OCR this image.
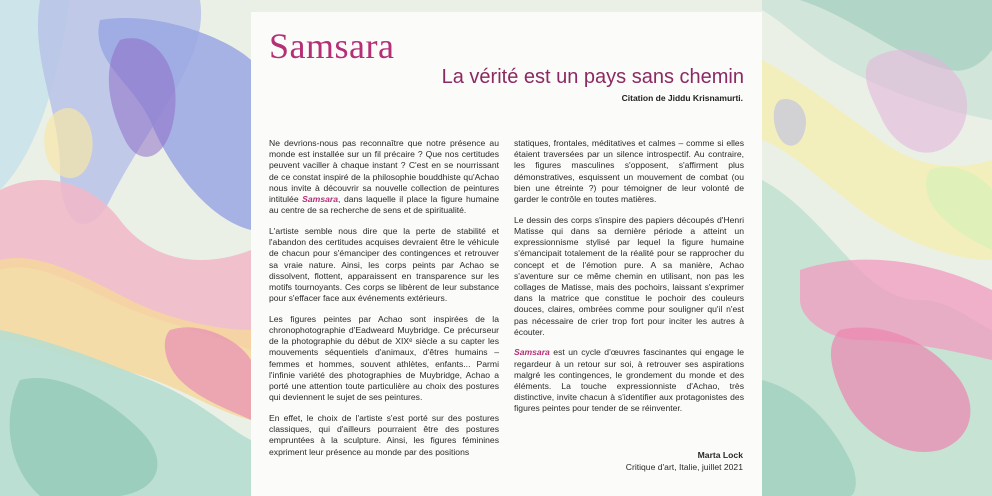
Samsara
La vérité est un pays sans chemin
Citation de Jiddu Krisnamurti.

Ne devrions-nous pas reconnaître que notre présence au monde est installée sur un fil précaire ? Que nos certitudes peuvent vaciller à chaque instant ? C'est en se nourrissant de ce constat inspiré de la philosophie bouddhiste qu'Achao nous invite à découvrir sa nouvelle collection de peintures intitulée Samsara, dans laquelle il place la figure humaine au centre de sa recherche de sens et de spiritualité.

L'artiste semble nous dire que la perte de stabilité et l'abandon des certitudes acquises devraient être le véhicule de chacun pour s'émanciper des contingences et retrouver sa vraie nature. Ainsi, les corps peints par Achao se dissolvent, flottent, apparaissent en transparence sur les motifs tournoyants. Ces corps se libèrent de leur substance pour s'effacer face aux événements extérieurs.

Les figures peintes par Achao sont inspirées de la chronophotographie d'Eadweard Muybridge. Ce précurseur de la photographie du début de XIXᵉ siècle a su capter les mouvements séquentiels d'animaux, d'êtres humains – femmes et hommes, souvent athlètes, enfants... Parmi l'infinie variété des photographies de Muybridge, Achao a porté une attention toute particulière au choix des postures qui deviennent le sujet de ses peintures.

En effet, le choix de l'artiste s'est porté sur des postures classiques, qui d'ailleurs pourraient être des postures empruntées à la sculpture. Ainsi, les figures féminines expriment leur présence au monde par des positions

statiques, frontales, méditatives et calmes – comme si elles étaient traversées par un silence introspectif. Au contraire, les figures masculines s'opposent, s'affirment plus démonstratives, esquissent un mouvement de combat (ou bien une étreinte ?) pour témoigner de leur volonté de garder le contrôle en toutes matières.

Le dessin des corps s'inspire des papiers découpés d'Henri Matisse qui dans sa dernière période a atteint un expressionnisme stylisé par lequel la figure humaine s'émancipait totalement de la réalité pour se rapprocher du concept et de l'émotion pure. A sa manière, Achao s'aventure sur ce même chemin en utilisant, non pas les collages de Matisse, mais des pochoirs, laissant s'exprimer dans la matrice que constitue le pochoir des couleurs douces, claires, ombrées comme pour souligner qu'il n'est pas nécessaire de crier trop fort pour inciter les autres à écouter.

Samsara est un cycle d'œuvres fascinantes qui engage le regardeur à un retour sur soi, à retrouver ses aspirations malgré les contingences, le grondement du monde et des éléments. La touche expressionniste d'Achao, très distinctive, invite chacun à s'identifier aux protagonistes des figures peintes pour tender de se réinventer.

Marta Lock
Critique d'art, Italie, juillet 2021
